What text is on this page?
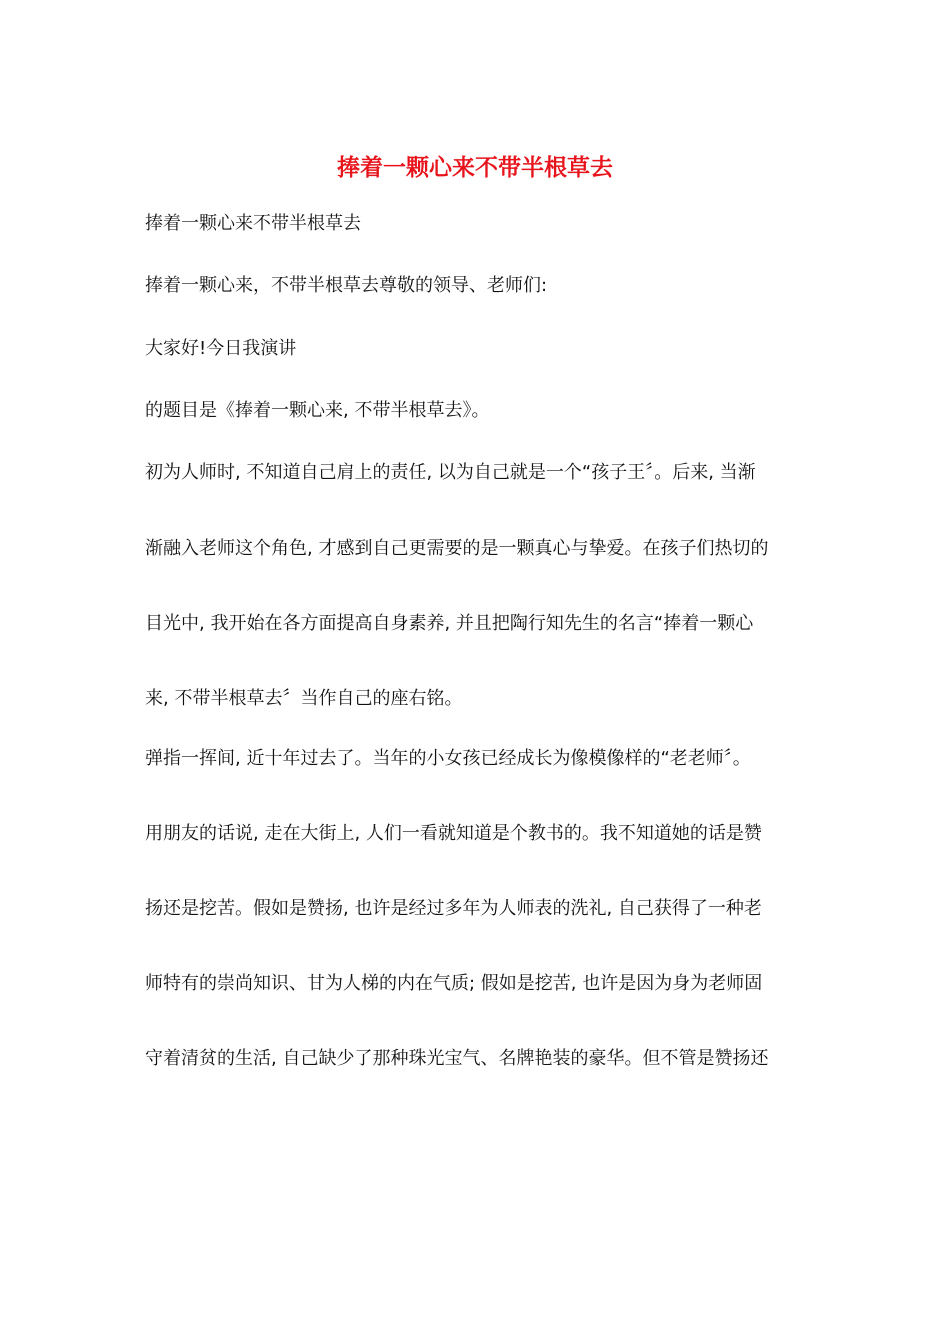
捧着一颗心来不带半根草去

捧着一颗心来不带半根草去

捧着一颗心来，不带半根草去尊敬的领导、老师们:

大家好!今日我演讲

的题目是《捧着一颗心来, 不带半根草去》。

初为人师时, 不知道自己肩上的责任, 以为自己就是一个“孩子王〞。后来, 当渐

渐融入老师这个角色, 才感到自己更需要的是一颗真心与挚爱。在孩子们热切的

目光中, 我开始在各方面提高自身素养, 并且把陶行知先生的名言“捧着一颗心

来, 不带半根草去〞当作自己的座右铭。

弹指一挥间, 近十年过去了。当年的小女孩已经成长为像模像样的“老老师〞。

用朋友的话说, 走在大街上, 人们一看就知道是个教书的。我不知道她的话是赞

扬还是挖苦。假如是赞扬, 也许是经过多年为人师表的洗礼, 自己获得了一种老

师特有的崇尚知识、甘为人梯的内在气质; 假如是挖苦, 也许是因为身为老师固

守着清贫的生活, 自己缺少了那种珠光宝气、名牌艳装的豪华。但不管是赞扬还
